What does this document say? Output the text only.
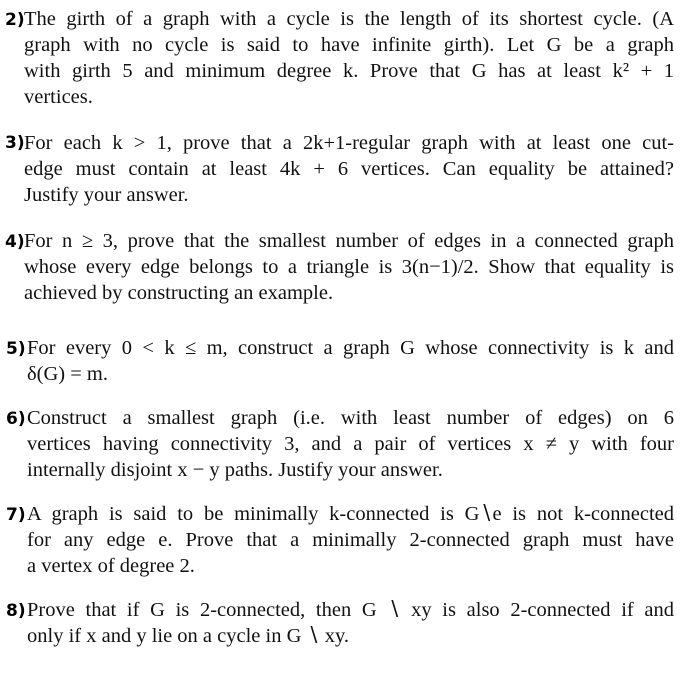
2) The girth of a graph with a cycle is the length of its shortest cycle. (A
graph with no cycle is said to have infinite girth). Let G be a graph
with girth 5 and minimum degree k. Prove that G has at least k² + 1
vertices.
3) For each k > 1, prove that a 2k+1-regular graph with at least one cut-
edge must contain at least 4k + 6 vertices. Can equality be attained?
Justify your answer.
4) For n ≥ 3, prove that the smallest number of edges in a connected graph
whose every edge belongs to a triangle is 3(n−1)/2. Show that equality is
achieved by constructing an example.
5) For every 0 < k ≤ m, construct a graph G whose connectivity is k and
δ(G) = m.
6) Construct a smallest graph (i.e. with least number of edges) on 6
vertices having connectivity 3, and a pair of vertices x ≠ y with four
internally disjoint x − y paths. Justify your answer.
7) A graph is said to be minimally k-connected is G∖e is not k-connected
for any edge e. Prove that a minimally 2-connected graph must have
a vertex of degree 2.
8) Prove that if G is 2-connected, then G ∖ xy is also 2-connected if and
only if x and y lie on a cycle in G ∖ xy.
